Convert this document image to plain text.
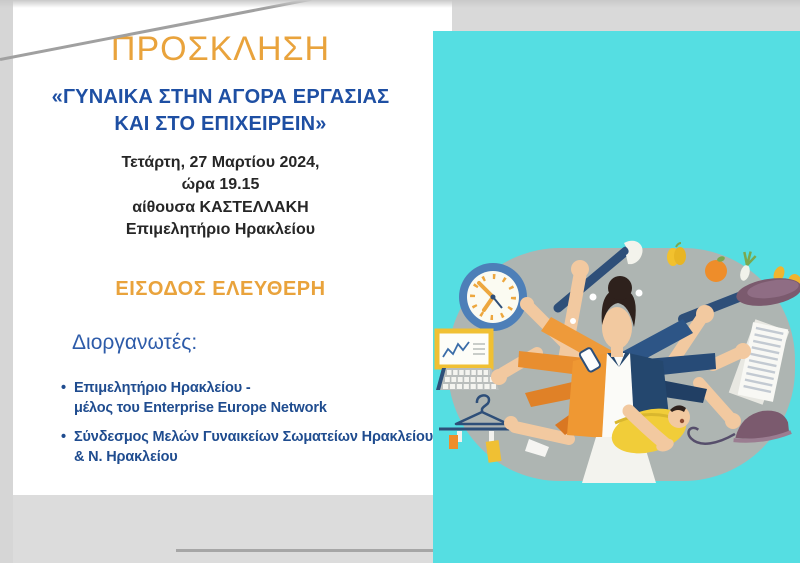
ΠΡΟΣΚΛΗΣΗ
«ΓΥΝΑΙΚΑ ΣΤΗΝ ΑΓΟΡΑ ΕΡΓΑΣΙΑΣ
ΚΑΙ ΣΤΟ ΕΠΙΧΕΙΡΕΙΝ»
Τετάρτη, 27 Μαρτίου 2024,
ώρα 19.15
αίθουσα ΚΑΣΤΕΛΛΑΚΗ
Επιμελητήριο Ηρακλείου
ΕΙΣΟΔΟΣ ΕΛΕΥΘΕΡΗ
Διοργανωτές:
• Επιμελητήριο Ηρακλείου -
μέλος του Enterprise Europe Network
• Σύνδεσμος Μελών Γυναικείων Σωματείων Ηρακλείου
& Ν. Ηρακλείου
